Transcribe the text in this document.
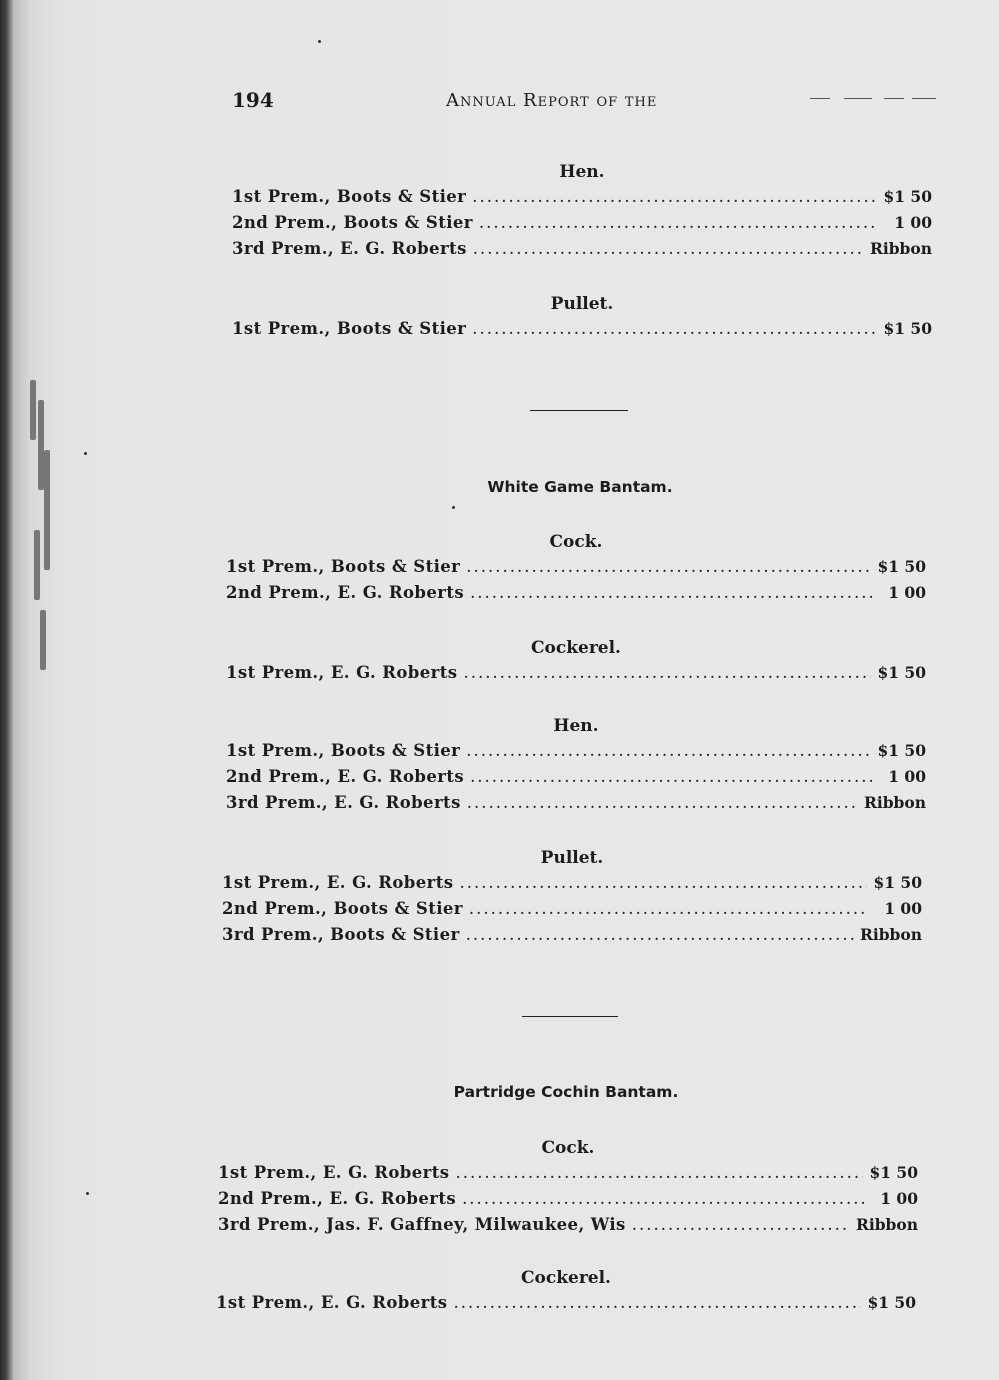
194	Annual Report of the
Hen.
1st Prem., Boots & Stier .....	$1 50
2nd Prem., Boots & Stier .....	1 00
3rd Prem., E. G. Roberts .....	Ribbon
Pullet.
1st Prem., Boots & Stier .....	$1 50
White Game Bantam.
Cock.
1st Prem., Boots & Stier .....	$1 50
2nd Prem., E. G. Roberts .....	1 00
Cockerel.
1st Prem., E. G. Roberts .....	$1 50
Hen.
1st Prem., Boots & Stier .....	$1 50
2nd Prem., E. G. Roberts .....	1 00
3rd Prem., E. G. Roberts .....	Ribbon
Pullet.
1st Prem., E. G. Roberts .....	$1 50
2nd Prem., Boots & Stier .....	1 00
3rd Prem., Boots & Stier .....	Ribbon
Partridge Cochin Bantam.
Cock.
1st Prem., E. G. Roberts .....	$1 50
2nd Prem., E. G. Roberts .....	1 00
3rd Prem., Jas. F. Gaffney, Milwaukee, Wis .....	Ribbon
Cockerel.
1st Prem., E. G. Roberts .....	$1 50
